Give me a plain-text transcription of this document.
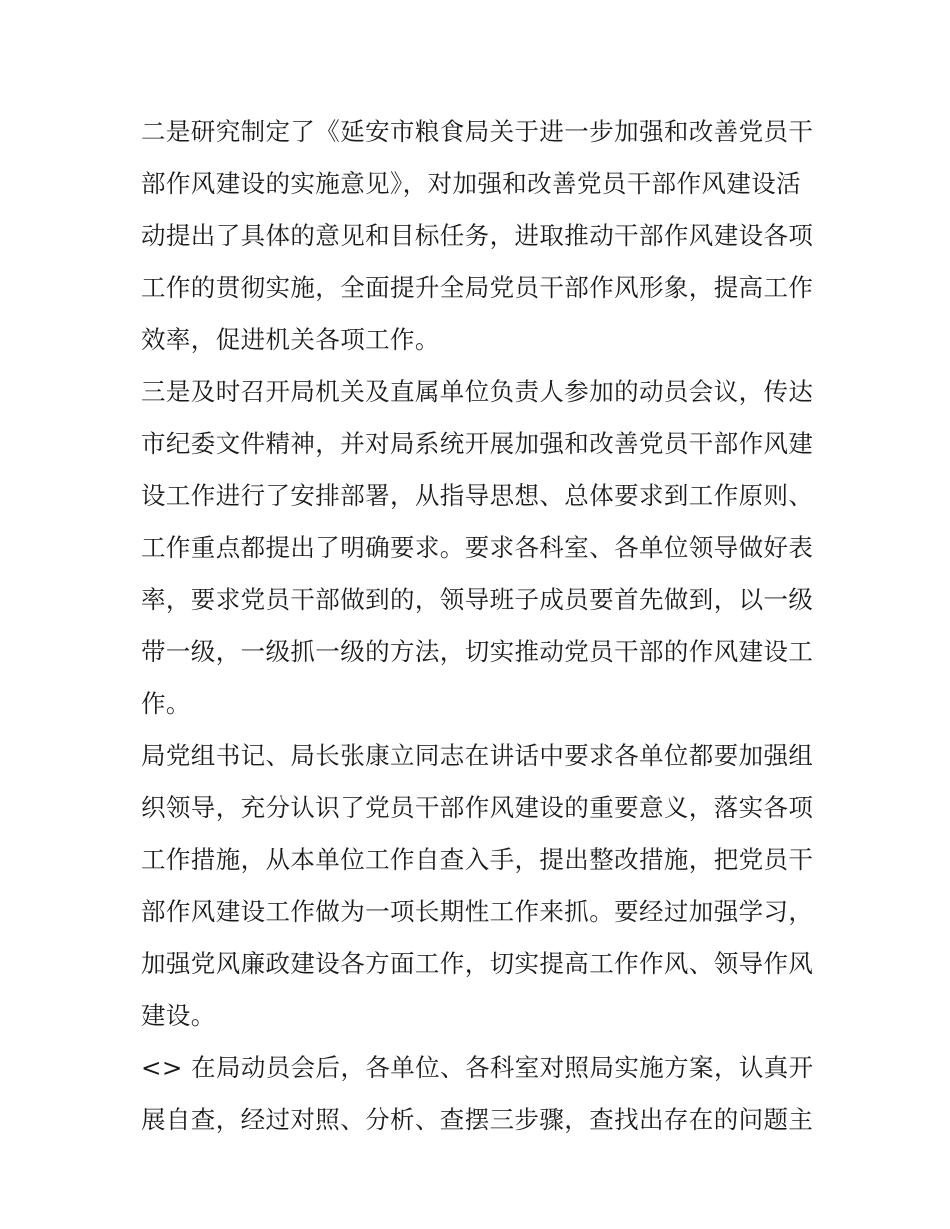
二是研究制定了《延安市粮食局关于进一步加强和改善党员干
部作风建设的实施意见》，对加强和改善党员干部作风建设活
动提出了具体的意见和目标任务，进取推动干部作风建设各项
工作的贯彻实施，全面提升全局党员干部作风形象，提高工作
效率，促进机关各项工作。
三是及时召开局机关及直属单位负责人参加的动员会议，传达
市纪委文件精神，并对局系统开展加强和改善党员干部作风建
设工作进行了安排部署，从指导思想、总体要求到工作原则、
工作重点都提出了明确要求。要求各科室、各单位领导做好表
率，要求党员干部做到的，领导班子成员要首先做到，以一级
带一级，一级抓一级的方法，切实推动党员干部的作风建设工
作。
局党组书记、局长张康立同志在讲话中要求各单位都要加强组
织领导，充分认识了党员干部作风建设的重要意义，落实各项
工作措施，从本单位工作自查入手，提出整改措施，把党员干
部作风建设工作做为一项长期性工作来抓。要经过加强学习，
加强党风廉政建设各方面工作，切实提高工作作风、领导作风
建设。
<> 在局动员会后，各单位、各科室对照局实施方案，认真开
展自查，经过对照、分析、查摆三步骤，查找出存在的问题主
